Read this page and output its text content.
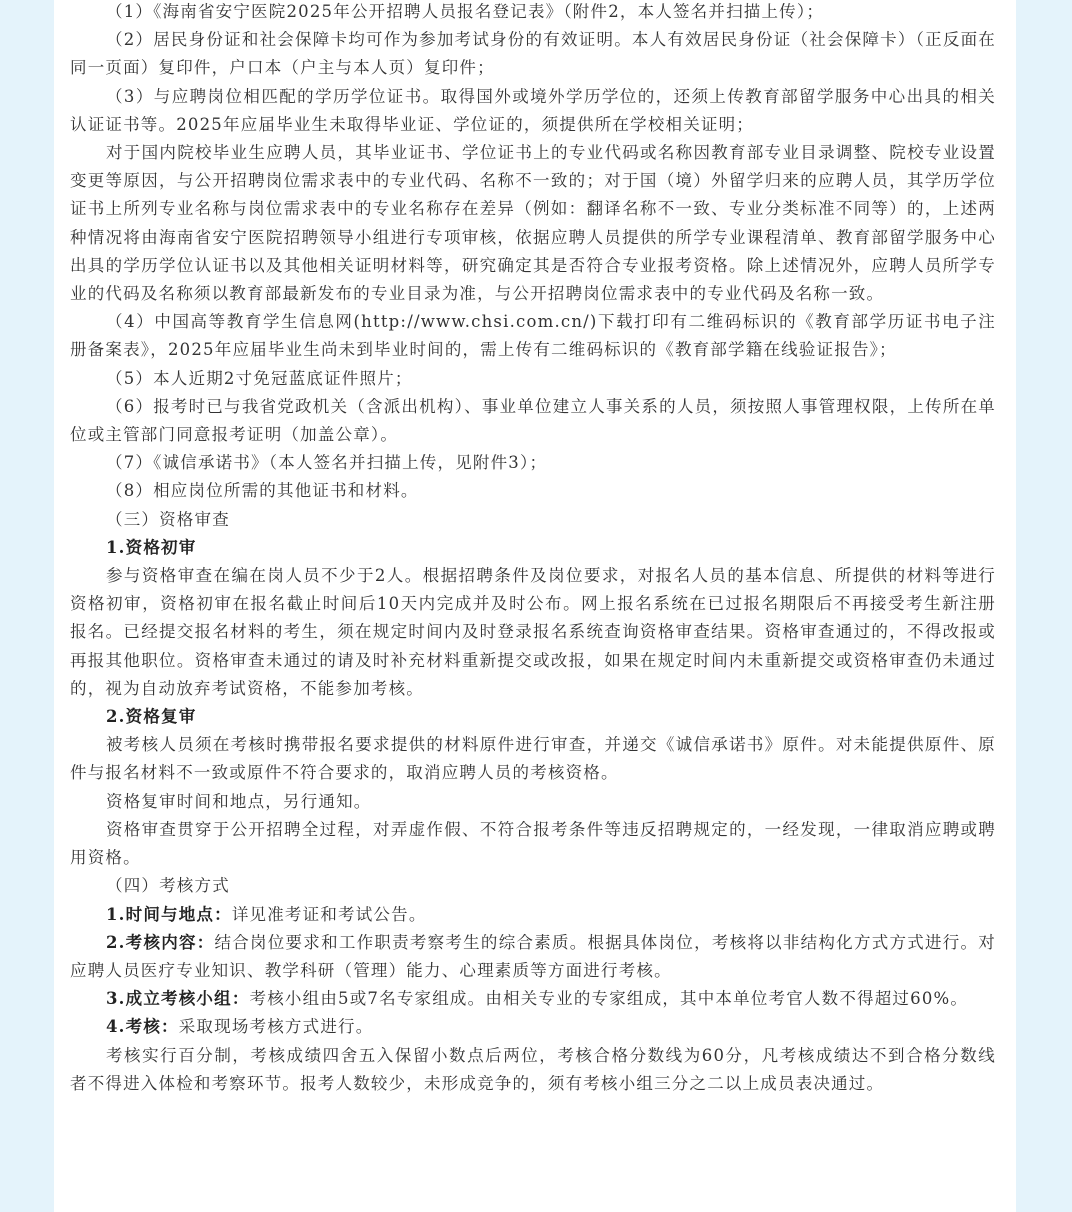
（1）《海南省安宁医院2025年公开招聘人员报名登记表》（附件2，本人签名并扫描上传）；

（2）居民身份证和社会保障卡均可作为参加考试身份的有效证明。本人有效居民身份证（社会保障卡）（正反面在同一页面）复印件，户口本（户主与本人页）复印件；

（3）与应聘岗位相匹配的学历学位证书。取得国外或境外学历学位的，还须上传教育部留学服务中心出具的相关认证证书等。2025年应届毕业生未取得毕业证、学位证的，须提供所在学校相关证明；

对于国内院校毕业生应聘人员，其毕业证书、学位证书上的专业代码或名称因教育部专业目录调整、院校专业设置变更等原因，与公开招聘岗位需求表中的专业代码、名称不一致的；对于国（境）外留学归来的应聘人员，其学历学位证书上所列专业名称与岗位需求表中的专业名称存在差异（例如：翻译名称不一致、专业分类标准不同等）的，上述两种情况将由海南省安宁医院招聘领导小组进行专项审核，依据应聘人员提供的所学专业课程清单、教育部留学服务中心出具的学历学位认证书以及其他相关证明材料等，研究确定其是否符合专业报考资格。除上述情况外，应聘人员所学专业的代码及名称须以教育部最新发布的专业目录为准，与公开招聘岗位需求表中的专业代码及名称一致。

（4）中国高等教育学生信息网(http://www.chsi.com.cn/)下载打印有二维码标识的《教育部学历证书电子注册备案表》，2025年应届毕业生尚未到毕业时间的，需上传有二维码标识的《教育部学籍在线验证报告》；

（5）本人近期2寸免冠蓝底证件照片；

（6）报考时已与我省党政机关（含派出机构）、事业单位建立人事关系的人员，须按照人事管理权限，上传所在单位或主管部门同意报考证明（加盖公章）。

（7）《诚信承诺书》（本人签名并扫描上传，见附件3）；

（8）相应岗位所需的其他证书和材料。

（三）资格审查

1.资格初审

参与资格审查在编在岗人员不少于2人。根据招聘条件及岗位要求，对报名人员的基本信息、所提供的材料等进行资格初审，资格初审在报名截止时间后10天内完成并及时公布。网上报名系统在已过报名期限后不再接受考生新注册报名。已经提交报名材料的考生，须在规定时间内及时登录报名系统查询资格审查结果。资格审查通过的，不得改报或再报其他职位。资格审查未通过的请及时补充材料重新提交或改报，如果在规定时间内未重新提交或资格审查仍未通过的，视为自动放弃考试资格，不能参加考核。

2.资格复审

被考核人员须在考核时携带报名要求提供的材料原件进行审查，并递交《诚信承诺书》原件。对未能提供原件、原件与报名材料不一致或原件不符合要求的，取消应聘人员的考核资格。

资格复审时间和地点，另行通知。

资格审查贯穿于公开招聘全过程，对弄虚作假、不符合报考条件等违反招聘规定的，一经发现，一律取消应聘或聘用资格。

（四）考核方式

1.时间与地点：详见准考证和考试公告。

2.考核内容：结合岗位要求和工作职责考察考生的综合素质。根据具体岗位，考核将以非结构化方式方式进行。对应聘人员医疗专业知识、教学科研（管理）能力、心理素质等方面进行考核。

3.成立考核小组：考核小组由5或7名专家组成。由相关专业的专家组成，其中本单位考官人数不得超过60%。

4.考核：采取现场考核方式进行。

考核实行百分制，考核成绩四舍五入保留小数点后两位，考核合格分数线为60分，凡考核成绩达不到合格分数线者不得进入体检和考察环节。报考人数较少，未形成竞争的，须有考核小组三分之二以上成员表决通过。
